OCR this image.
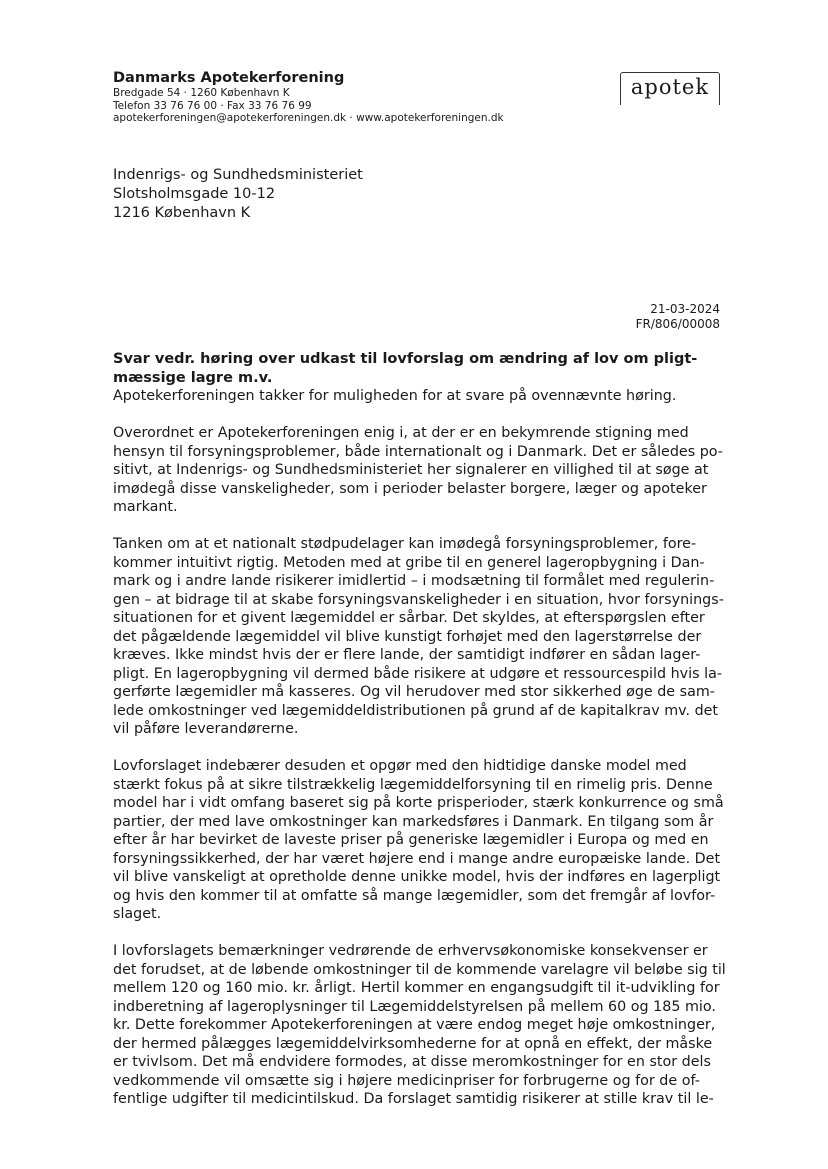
Danmarks Apotekerforening
Bredgade 54 · 1260 København K
Telefon 33 76 76 00 · Fax 33 76 76 99
apotekerforeningen@apotekerforeningen.dk · www.apotekerforeningen.dk
apotek
Indenrigs- og Sundhedsministeriet
Slotsholmsgade 10-12
1216 København K
21-03-2024
FR/806/00008
Svar vedr. høring over udkast til lovforslag om ændring af lov om pligt-
mæssige lagre m.v.

Apotekerforeningen takker for muligheden for at svare på ovennævnte høring.

Overordnet er Apotekerforeningen enig i, at der er en bekymrende stigning med
hensyn til forsyningsproblemer, både internationalt og i Danmark. Det er således po-
sitivt, at Indenrigs- og Sundhedsministeriet her signalerer en villighed til at søge at
imødegå disse vanskeligheder, som i perioder belaster borgere, læger og apoteker
markant.

Tanken om at et nationalt stødpudelager kan imødegå forsyningsproblemer, fore-
kommer intuitivt rigtig. Metoden med at gribe til en generel lageropbygning i Dan-
mark og i andre lande risikerer imidlertid – i modsætning til formålet med regulerin-
gen – at bidrage til at skabe forsyningsvanskeligheder i en situation, hvor forsynings-
situationen for et givent lægemiddel er sårbar. Det skyldes, at efterspørgslen efter
det pågældende lægemiddel vil blive kunstigt forhøjet med den lagerstørrelse der
kræves. Ikke mindst hvis der er flere lande, der samtidigt indfører en sådan lager-
pligt. En lageropbygning vil dermed både risikere at udgøre et ressourcespild hvis la-
gerførte lægemidler må kasseres. Og vil herudover med stor sikkerhed øge de sam-
lede omkostninger ved lægemiddeldistributionen på grund af de kapitalkrav mv. det
vil påføre leverandørerne.

Lovforslaget indebærer desuden et opgør med den hidtidige danske model med
stærkt fokus på at sikre tilstrækkelig lægemiddelforsyning til en rimelig pris. Denne
model har i vidt omfang baseret sig på korte prisperioder, stærk konkurrence og små
partier, der med lave omkostninger kan markedsføres i Danmark. En tilgang som år
efter år har bevirket de laveste priser på generiske lægemidler i Europa og med en
forsyningssikkerhed, der har været højere end i mange andre europæiske lande. Det
vil blive vanskeligt at opretholde denne unikke model, hvis der indføres en lagerpligt
og hvis den kommer til at omfatte så mange lægemidler, som det fremgår af lovfor-
slaget.

I lovforslagets bemærkninger vedrørende de erhvervsøkonomiske konsekvenser er
det forudset, at de løbende omkostninger til de kommende varelagre vil beløbe sig til
mellem 120 og 160 mio. kr. årligt. Hertil kommer en engangsudgift til it-udvikling for
indberetning af lageroplysninger til Lægemiddelstyrelsen på mellem 60 og 185 mio.
kr. Dette forekommer Apotekerforeningen at være endog meget høje omkostninger,
der hermed pålægges lægemiddelvirksomhederne for at opnå en effekt, der måske
er tvivlsom. Det må endvidere formodes, at disse meromkostninger for en stor dels
vedkommende vil omsætte sig i højere medicinpriser for forbrugerne og for de of-
fentlige udgifter til medicintilskud. Da forslaget samtidig risikerer at stille krav til le-
